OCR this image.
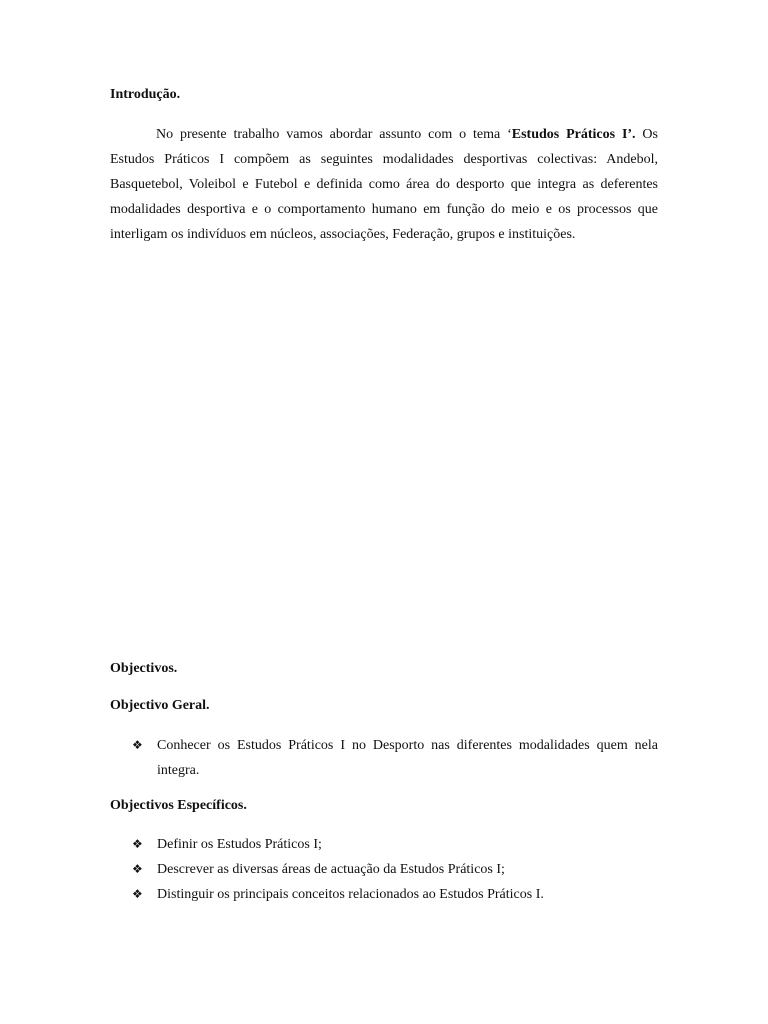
Introdução.

No presente trabalho vamos abordar assunto com o tema ‘Estudos Práticos I’. Os Estudos Práticos I compõem as seguintes modalidades desportivas colectivas: Andebol, Basquetebol, Voleibol e Futebol e definida como área do desporto que integra as deferentes modalidades desportiva e o comportamento humano em função do meio e os processos que interligam os indivíduos em núcleos, associações, Federação, grupos e instituições.

Objectivos.
Objectivo Geral.
❖ Conhecer os Estudos Práticos I no Desporto nas diferentes modalidades quem nela integra.
Objectivos Específicos.
❖ Definir os Estudos Práticos I;
❖ Descrever as diversas áreas de actuação da Estudos Práticos I;
❖ Distinguir os principais conceitos relacionados ao Estudos Práticos I.
